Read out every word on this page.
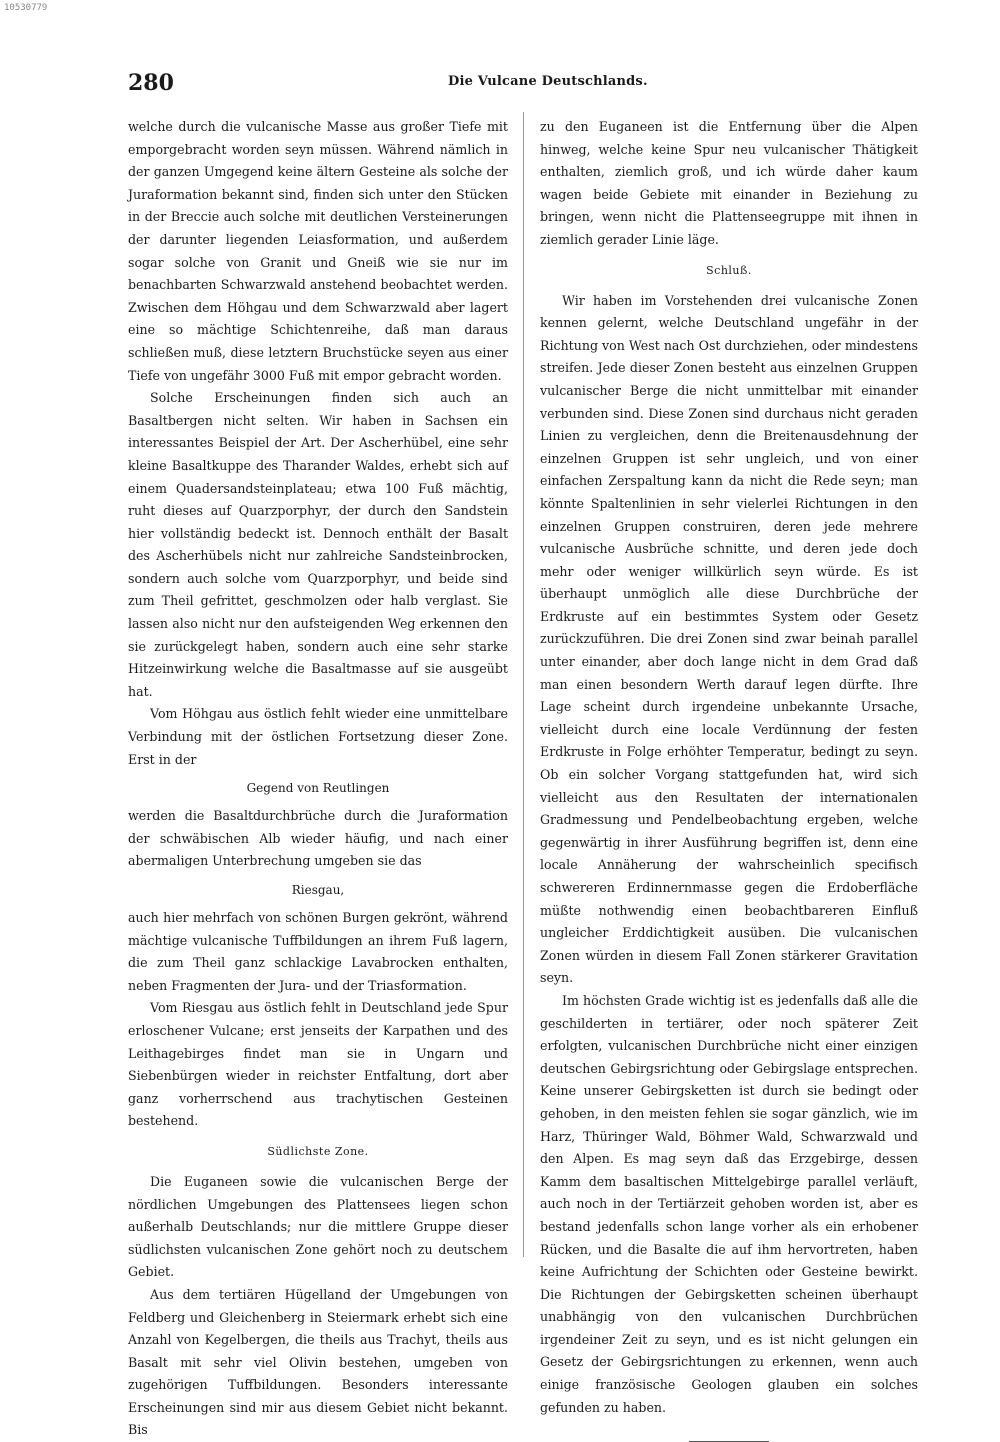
10530779
280	Die Vulcane Deutschlands.

welche durch die vulcanische Masse aus großer Tiefe mit emporgebracht worden seyn müssen. Während nämlich in der ganzen Umgegend keine ältern Gesteine als solche der Juraformation bekannt sind, finden sich unter den Stücken in der Breccie auch solche mit deutlichen Versteinerungen der darunter liegenden Leiasformation, und außerdem sogar solche von Granit und Gneiß wie sie nur im benachbarten Schwarzwald anstehend beobachtet werden. Zwischen dem Höhgau und dem Schwarzwald aber lagert eine so mächtige Schichtenreihe, daß man daraus schließen muß, diese letztern Bruchstücke seyen aus einer Tiefe von ungefähr 3000 Fuß mit empor gebracht worden.

Solche Erscheinungen finden sich auch an Basaltbergen nicht selten. Wir haben in Sachsen ein interessantes Beispiel der Art. Der Ascherhübel, eine sehr kleine Basaltkuppe des Tharander Waldes, erhebt sich auf einem Quadersandsteinplateau; etwa 100 Fuß mächtig, ruht dieses auf Quarzporphyr, der durch den Sandstein hier vollständig bedeckt ist. Dennoch enthält der Basalt des Ascherhübels nicht nur zahlreiche Sandsteinbrocken, sondern auch solche vom Quarzporphyr, und beide sind zum Theil gefrittet, geschmolzen oder halb verglast. Sie lassen also nicht nur den aufsteigenden Weg erkennen den sie zurückgelegt haben, sondern auch eine sehr starke Hitzeinwirkung welche die Basaltmasse auf sie ausgeübt hat.

Vom Höhgau aus östlich fehlt wieder eine unmittelbare Verbindung mit der östlichen Fortsetzung dieser Zone. Erst in der

Gegend von Reutlingen

werden die Basaltdurchbrüche durch die Juraformation der schwäbischen Alb wieder häufig, und nach einer abermaligen Unterbrechung umgeben sie das

Riesgau,

auch hier mehrfach von schönen Burgen gekrönt, während mächtige vulcanische Tuffbildungen an ihrem Fuß lagern, die zum Theil ganz schlackige Lavabrocken enthalten, neben Fragmenten der Jura- und der Triasformation.

Vom Riesgau aus östlich fehlt in Deutschland jede Spur erloschener Vulcane; erst jenseits der Karpathen und des Leithagebirges findet man sie in Ungarn und Siebenbürgen wieder in reichster Entfaltung, dort aber ganz vorherrschend aus trachytischen Gesteinen bestehend.

Südlichste Zone.

Die Euganeen sowie die vulcanischen Berge der nördlichen Umgebungen des Plattensees liegen schon außerhalb Deutschlands; nur die mittlere Gruppe dieser südlichsten vulcanischen Zone gehört noch zu deutschem Gebiet.

Aus dem tertiären Hügelland der Umgebungen von Feldberg und Gleichenberg in Steiermark erhebt sich eine Anzahl von Kegelbergen, die theils aus Trachyt, theils aus Basalt mit sehr viel Olivin bestehen, umgeben von zugehörigen Tuffbildungen. Besonders interessante Erscheinungen sind mir aus diesem Gebiet nicht bekannt. Bis

zu den Euganeen ist die Entfernung über die Alpen hinweg, welche keine Spur neu vulcanischer Thätigkeit enthalten, ziemlich groß, und ich würde daher kaum wagen beide Gebiete mit einander in Beziehung zu bringen, wenn nicht die Plattenseegruppe mit ihnen in ziemlich gerader Linie läge.

Schluß.

Wir haben im Vorstehenden drei vulcanische Zonen kennen gelernt, welche Deutschland ungefähr in der Richtung von West nach Ost durchziehen, oder mindestens streifen. Jede dieser Zonen besteht aus einzelnen Gruppen vulcanischer Berge die nicht unmittelbar mit einander verbunden sind. Diese Zonen sind durchaus nicht geraden Linien zu vergleichen, denn die Breitenausdehnung der einzelnen Gruppen ist sehr ungleich, und von einer einfachen Zerspaltung kann da nicht die Rede seyn; man könnte Spaltenlinien in sehr vielerlei Richtungen in den einzelnen Gruppen construiren, deren jede mehrere vulcanische Ausbrüche schnitte, und deren jede doch mehr oder weniger willkürlich seyn würde. Es ist überhaupt unmöglich alle diese Durchbrüche der Erdkruste auf ein bestimmtes System oder Gesetz zurückzuführen. Die drei Zonen sind zwar beinah parallel unter einander, aber doch lange nicht in dem Grad daß man einen besondern Werth darauf legen dürfte. Ihre Lage scheint durch irgendeine unbekannte Ursache, vielleicht durch eine locale Verdünnung der festen Erdkruste in Folge erhöhter Temperatur, bedingt zu seyn. Ob ein solcher Vorgang stattgefunden hat, wird sich vielleicht aus den Resultaten der internationalen Gradmessung und Pendelbeobachtung ergeben, welche gegenwärtig in ihrer Ausführung begriffen ist, denn eine locale Annäherung der wahrscheinlich specifisch schwereren Erdinnernmasse gegen die Erdoberfläche müßte nothwendig einen beobachtbareren Einfluß ungleicher Erddichtigkeit ausüben. Die vulcanischen Zonen würden in diesem Fall Zonen stärkerer Gravitation seyn.

Im höchsten Grade wichtig ist es jedenfalls daß alle die geschilderten in tertiärer, oder noch späterer Zeit erfolgten, vulcanischen Durchbrüche nicht einer einzigen deutschen Gebirgsrichtung oder Gebirgslage entsprechen. Keine unserer Gebirgsketten ist durch sie bedingt oder gehoben, in den meisten fehlen sie sogar gänzlich, wie im Harz, Thüringer Wald, Böhmer Wald, Schwarzwald und den Alpen. Es mag seyn daß das Erzgebirge, dessen Kamm dem basaltischen Mittelgebirge parallel verläuft, auch noch in der Tertiärzeit gehoben worden ist, aber es bestand jedenfalls schon lange vorher als ein erhobener Rücken, und die Basalte die auf ihm hervortreten, haben keine Aufrichtung der Schichten oder Gesteine bewirkt. Die Richtungen der Gebirgsketten scheinen überhaupt unabhängig von den vulcanischen Durchbrüchen irgendeiner Zeit zu seyn, und es ist nicht gelungen ein Gesetz der Gebirgsrichtungen zu erkennen, wenn auch einige französische Geologen glauben ein solches gefunden zu haben.
